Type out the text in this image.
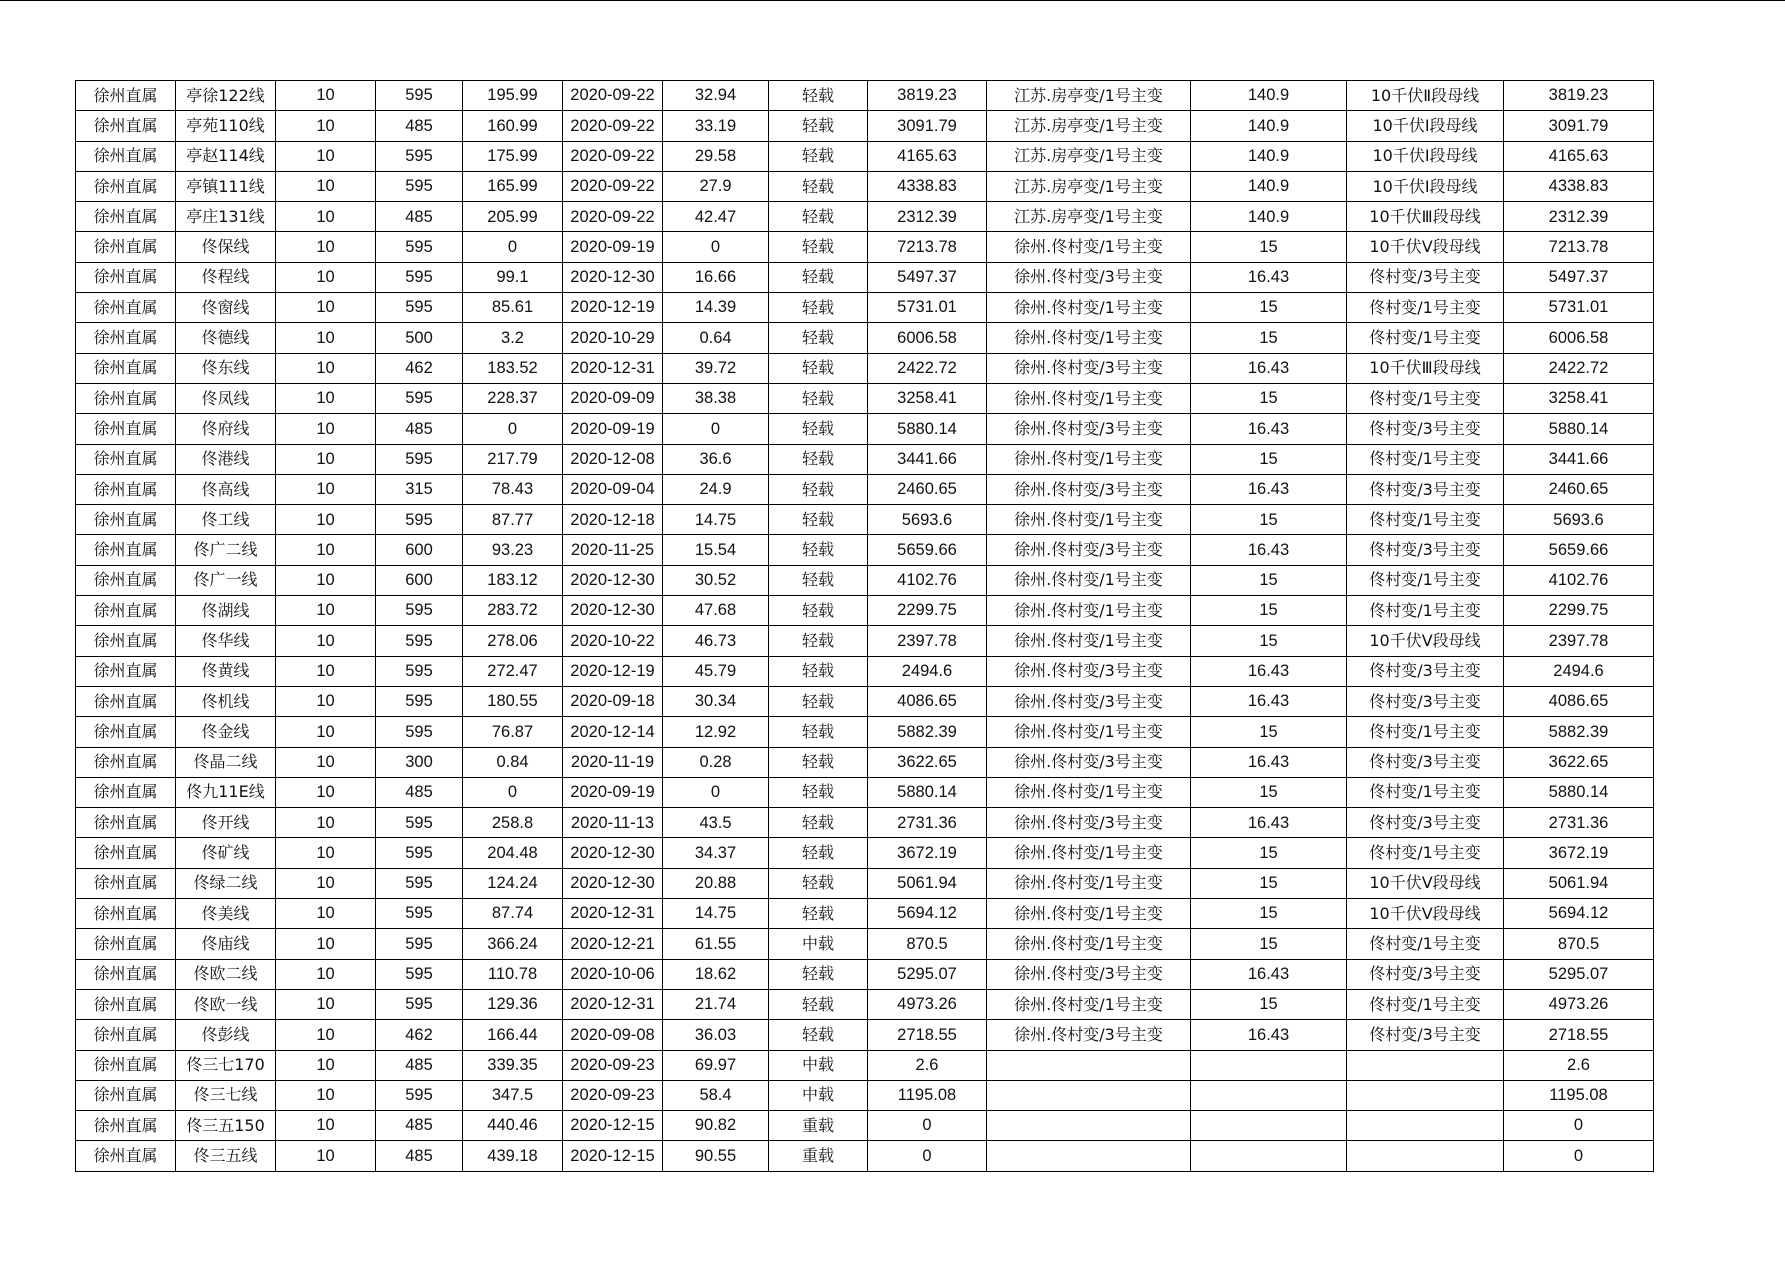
徐州直属	亭徐122线	10	595	195.99	2020-09-22	32.94	轻载	3819.23	江苏.房亭变/1号主变	140.9	10千伏Ⅱ段母线	3819.23
徐州直属	亭苑110线	10	485	160.99	2020-09-22	33.19	轻载	3091.79	江苏.房亭变/1号主变	140.9	10千伏Ⅰ段母线	3091.79
徐州直属	亭赵114线	10	595	175.99	2020-09-22	29.58	轻载	4165.63	江苏.房亭变/1号主变	140.9	10千伏Ⅰ段母线	4165.63
徐州直属	亭镇111线	10	595	165.99	2020-09-22	27.9	轻载	4338.83	江苏.房亭变/1号主变	140.9	10千伏Ⅰ段母线	4338.83
徐州直属	亭庄131线	10	485	205.99	2020-09-22	42.47	轻载	2312.39	江苏.房亭变/1号主变	140.9	10千伏Ⅲ段母线	2312.39
徐州直属	佟保线	10	595	0	2020-09-19	0	轻载	7213.78	徐州.佟村变/1号主变	15	10千伏Ⅴ段母线	7213.78
徐州直属	佟程线	10	595	99.1	2020-12-30	16.66	轻载	5497.37	徐州.佟村变/3号主变	16.43	佟村变/3号主变	5497.37
徐州直属	佟窗线	10	595	85.61	2020-12-19	14.39	轻载	5731.01	徐州.佟村变/1号主变	15	佟村变/1号主变	5731.01
徐州直属	佟德线	10	500	3.2	2020-10-29	0.64	轻载	6006.58	徐州.佟村变/1号主变	15	佟村变/1号主变	6006.58
徐州直属	佟东线	10	462	183.52	2020-12-31	39.72	轻载	2422.72	徐州.佟村变/3号主变	16.43	10千伏Ⅲ段母线	2422.72
徐州直属	佟凤线	10	595	228.37	2020-09-09	38.38	轻载	3258.41	徐州.佟村变/1号主变	15	佟村变/1号主变	3258.41
徐州直属	佟府线	10	485	0	2020-09-19	0	轻载	5880.14	徐州.佟村变/3号主变	16.43	佟村变/3号主变	5880.14
徐州直属	佟港线	10	595	217.79	2020-12-08	36.6	轻载	3441.66	徐州.佟村变/1号主变	15	佟村变/1号主变	3441.66
徐州直属	佟高线	10	315	78.43	2020-09-04	24.9	轻载	2460.65	徐州.佟村变/3号主变	16.43	佟村变/3号主变	2460.65
徐州直属	佟工线	10	595	87.77	2020-12-18	14.75	轻载	5693.6	徐州.佟村变/1号主变	15	佟村变/1号主变	5693.6
徐州直属	佟广二线	10	600	93.23	2020-11-25	15.54	轻载	5659.66	徐州.佟村变/3号主变	16.43	佟村变/3号主变	5659.66
徐州直属	佟广一线	10	600	183.12	2020-12-30	30.52	轻载	4102.76	徐州.佟村变/1号主变	15	佟村变/1号主变	4102.76
徐州直属	佟湖线	10	595	283.72	2020-12-30	47.68	轻载	2299.75	徐州.佟村变/1号主变	15	佟村变/1号主变	2299.75
徐州直属	佟华线	10	595	278.06	2020-10-22	46.73	轻载	2397.78	徐州.佟村变/1号主变	15	10千伏Ⅴ段母线	2397.78
徐州直属	佟黄线	10	595	272.47	2020-12-19	45.79	轻载	2494.6	徐州.佟村变/3号主变	16.43	佟村变/3号主变	2494.6
徐州直属	佟机线	10	595	180.55	2020-09-18	30.34	轻载	4086.65	徐州.佟村变/3号主变	16.43	佟村变/3号主变	4086.65
徐州直属	佟金线	10	595	76.87	2020-12-14	12.92	轻载	5882.39	徐州.佟村变/1号主变	15	佟村变/1号主变	5882.39
徐州直属	佟晶二线	10	300	0.84	2020-11-19	0.28	轻载	3622.65	徐州.佟村变/3号主变	16.43	佟村变/3号主变	3622.65
徐州直属	佟九11E线	10	485	0	2020-09-19	0	轻载	5880.14	徐州.佟村变/1号主变	15	佟村变/1号主变	5880.14
徐州直属	佟开线	10	595	258.8	2020-11-13	43.5	轻载	2731.36	徐州.佟村变/3号主变	16.43	佟村变/3号主变	2731.36
徐州直属	佟矿线	10	595	204.48	2020-12-30	34.37	轻载	3672.19	徐州.佟村变/1号主变	15	佟村变/1号主变	3672.19
徐州直属	佟绿二线	10	595	124.24	2020-12-30	20.88	轻载	5061.94	徐州.佟村变/1号主变	15	10千伏Ⅴ段母线	5061.94
徐州直属	佟美线	10	595	87.74	2020-12-31	14.75	轻载	5694.12	徐州.佟村变/1号主变	15	10千伏Ⅴ段母线	5694.12
徐州直属	佟庙线	10	595	366.24	2020-12-21	61.55	中载	870.5	徐州.佟村变/1号主变	15	佟村变/1号主变	870.5
徐州直属	佟欧二线	10	595	110.78	2020-10-06	18.62	轻载	5295.07	徐州.佟村变/3号主变	16.43	佟村变/3号主变	5295.07
徐州直属	佟欧一线	10	595	129.36	2020-12-31	21.74	轻载	4973.26	徐州.佟村变/1号主变	15	佟村变/1号主变	4973.26
徐州直属	佟彭线	10	462	166.44	2020-09-08	36.03	轻载	2718.55	徐州.佟村变/3号主变	16.43	佟村变/3号主变	2718.55
徐州直属	佟三七170	10	485	339.35	2020-09-23	69.97	中载	2.6				2.6
徐州直属	佟三七线	10	595	347.5	2020-09-23	58.4	中载	1195.08				1195.08
徐州直属	佟三五150	10	485	440.46	2020-12-15	90.82	重载	0				0
徐州直属	佟三五线	10	485	439.18	2020-12-15	90.55	重载	0				0
